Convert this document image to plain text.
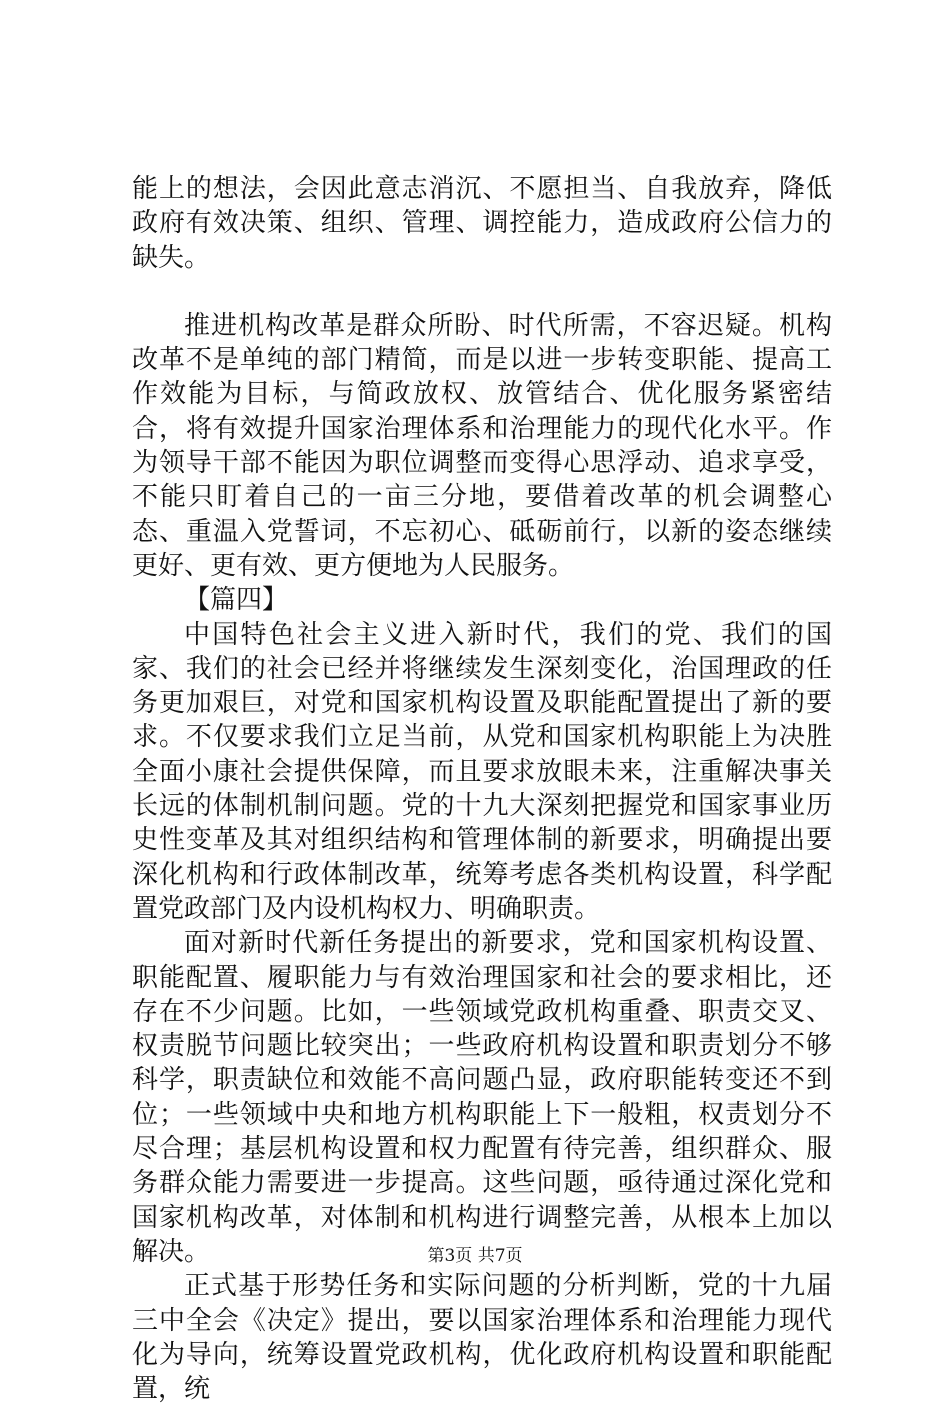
能上的想法，会因此意志消沉、不愿担当、自我放弃，降低政府有效决策、组织、管理、调控能力，造成政府公信力的缺失。

推进机构改革是群众所盼、时代所需，不容迟疑。机构改革不是单纯的部门精简，而是以进一步转变职能、提高工作效能为目标，与简政放权、放管结合、优化服务紧密结合，将有效提升国家治理体系和治理能力的现代化水平。作为领导干部不能因为职位调整而变得心思浮动、追求享受，不能只盯着自己的一亩三分地，要借着改革的机会调整心态、重温入党誓词，不忘初心、砥砺前行，以新的姿态继续更好、更有效、更方便地为人民服务。

【篇四】

中国特色社会主义进入新时代，我们的党、我们的国家、我们的社会已经并将继续发生深刻变化，治国理政的任务更加艰巨，对党和国家机构设置及职能配置提出了新的要求。不仅要求我们立足当前，从党和国家机构职能上为决胜全面小康社会提供保障，而且要求放眼未来，注重解决事关长远的体制机制问题。党的十九大深刻把握党和国家事业历史性变革及其对组织结构和管理体制的新要求，明确提出要深化机构和行政体制改革，统筹考虑各类机构设置，科学配置党政部门及内设机构权力、明确职责。

面对新时代新任务提出的新要求，党和国家机构设置、职能配置、履职能力与有效治理国家和社会的要求相比，还存在不少问题。比如，一些领域党政机构重叠、职责交叉、权责脱节问题比较突出；一些政府机构设置和职责划分不够科学，职责缺位和效能不高问题凸显，政府职能转变还不到位；一些领域中央和地方机构职能上下一般粗，权责划分不尽合理；基层机构设置和权力配置有待完善，组织群众、服务群众能力需要进一步提高。这些问题，亟待通过深化党和国家机构改革，对体制和机构进行调整完善，从根本上加以解决。

正式基于形势任务和实际问题的分析判断，党的十九届三中全会《决定》提出，要以国家治理体系和治理能力现代化为导向，统筹设置党政机构，优化政府机构设置和职能配置，统

第3页 共7页
